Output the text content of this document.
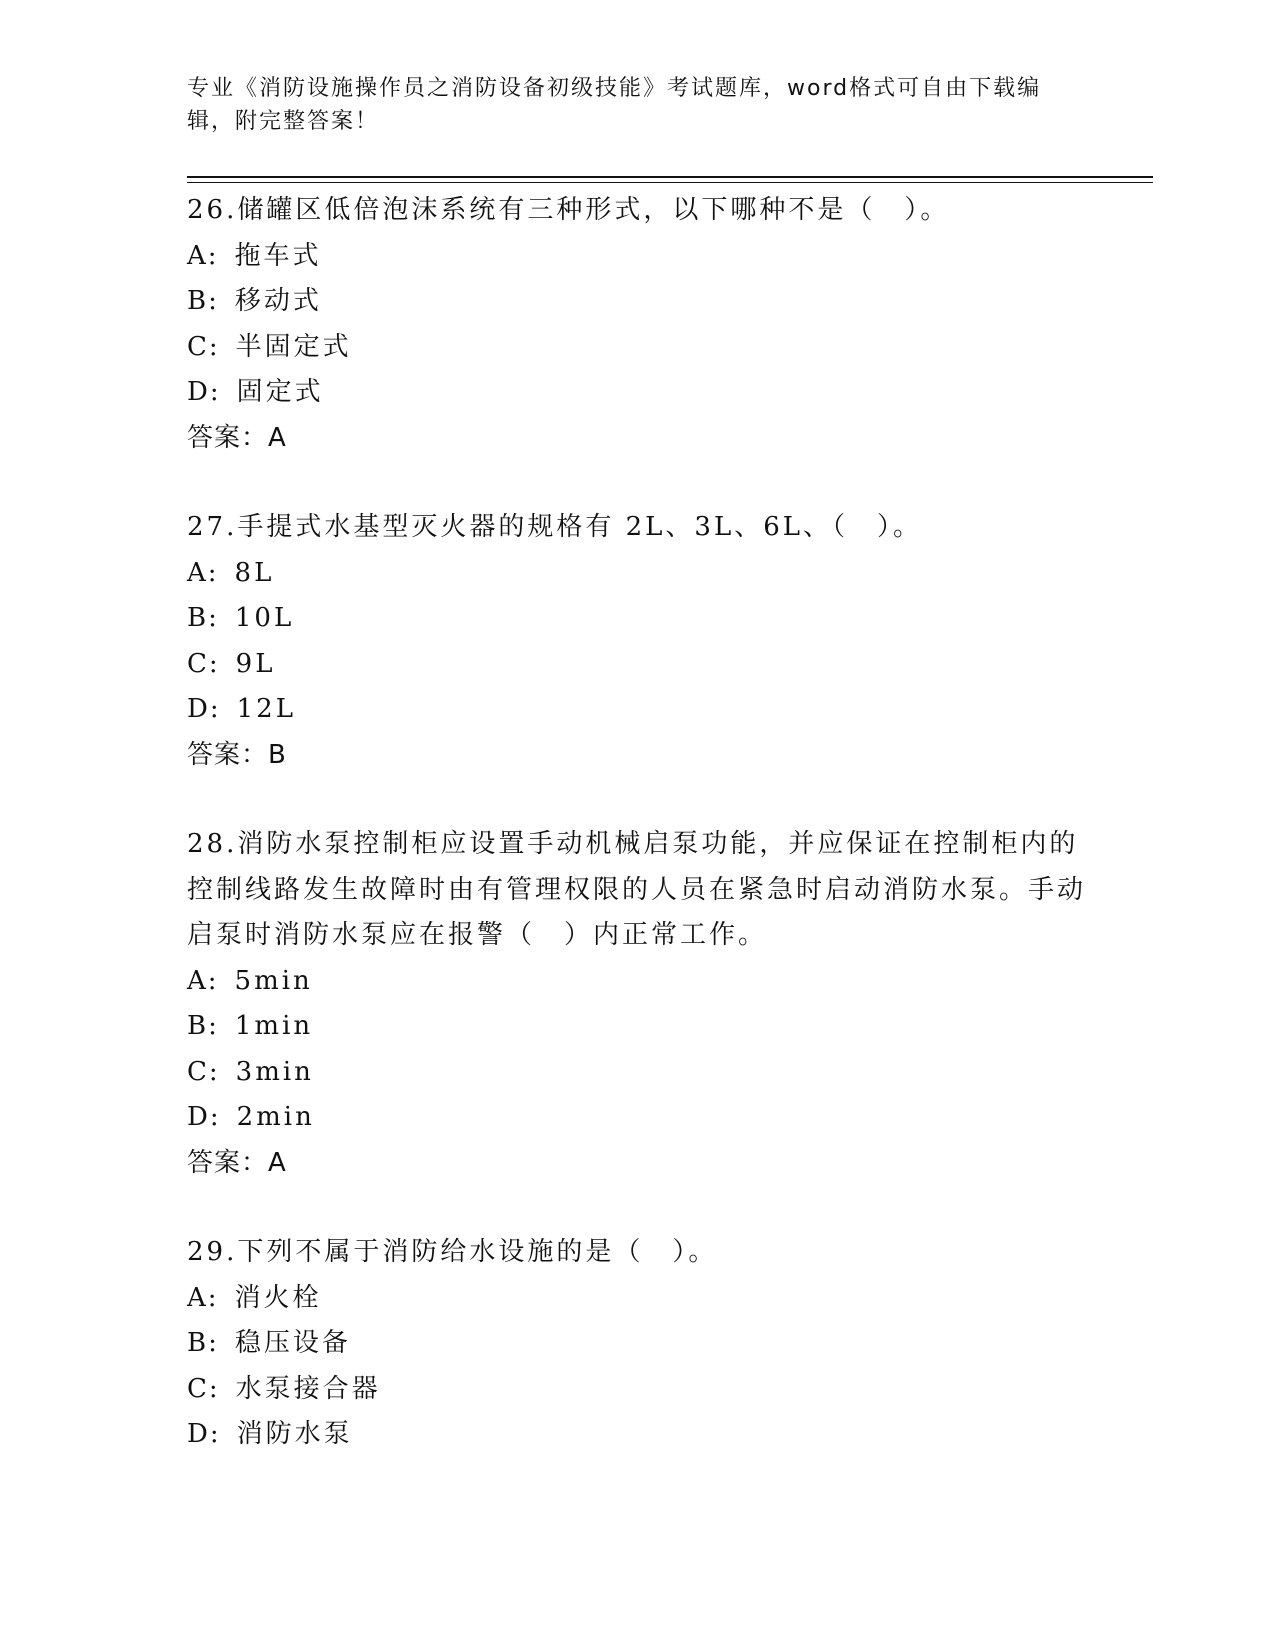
专业《消防设施操作员之消防设备初级技能》考试题库，word格式可自由下载编辑，附完整答案！

26.储罐区低倍泡沫系统有三种形式，以下哪种不是（　）。

A: 拖车式

B: 移动式

C: 半固定式

D: 固定式

答案：A

27.手提式水基型灭火器的规格有 2L、3L、6L、（　）。

A: 8L

B: 10L

C: 9L

D: 12L

答案：B

28.消防水泵控制柜应设置手动机械启泵功能，并应保证在控制柜内的控制线路发生故障时由有管理权限的人员在紧急时启动消防水泵。手动启泵时消防水泵应在报警（　）内正常工作。

A: 5min

B: 1min

C: 3min

D: 2min

答案：A

29.下列不属于消防给水设施的是（　）。

A: 消火栓

B: 稳压设备

C: 水泵接合器

D: 消防水泵
